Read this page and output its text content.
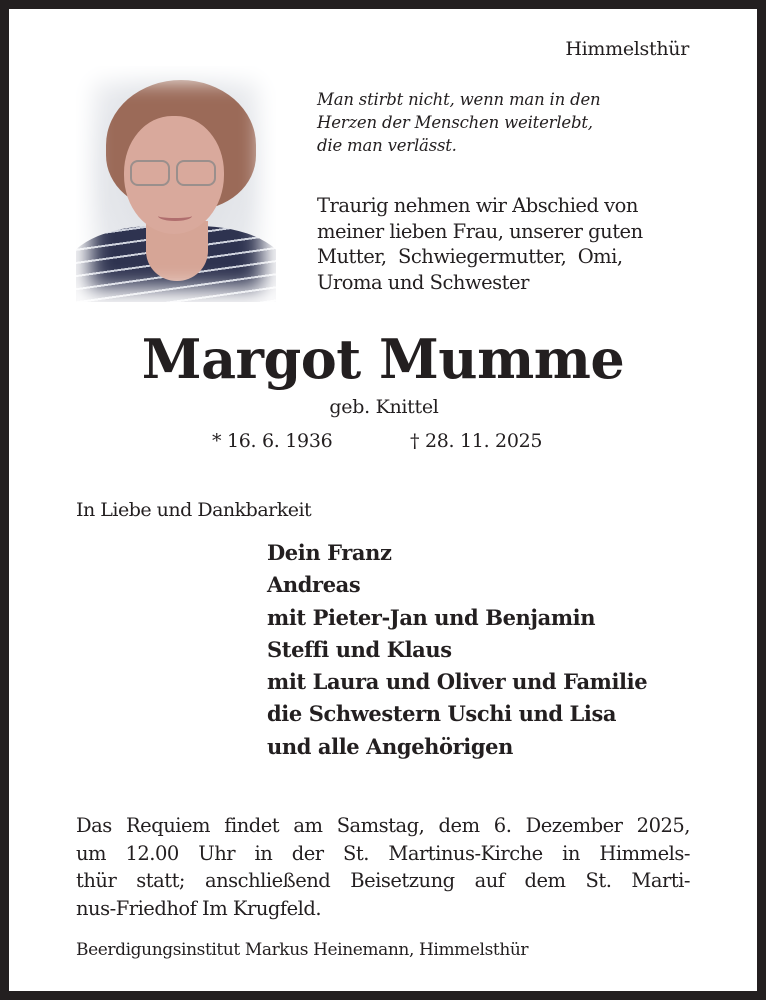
Himmelsthür
Man stirbt nicht, wenn man in den
Herzen der Menschen weiterlebt,
die man verlässt.
Traurig nehmen wir Abschied von
meiner lieben Frau, unserer guten
Mutter,  Schwiegermutter,  Omi,
Uroma und Schwester
Margot Mumme
geb. Knittel
* 16. 6. 1936	† 28. 11. 2025
In Liebe und Dankbarkeit
Dein Franz
Andreas
mit Pieter-Jan und Benjamin
Steffi und Klaus
mit Laura und Oliver und Familie
die Schwestern Uschi und Lisa
und alle Angehörigen
Das Requiem findet am Samstag, dem 6. Dezember 2025,
um 12.00 Uhr in der St. Martinus-Kirche in Himmels-
thür statt; anschließend Beisetzung auf dem St. Marti-
nus-Friedhof Im Krugfeld.
Beerdigungsinstitut Markus Heinemann, Himmelsthür
